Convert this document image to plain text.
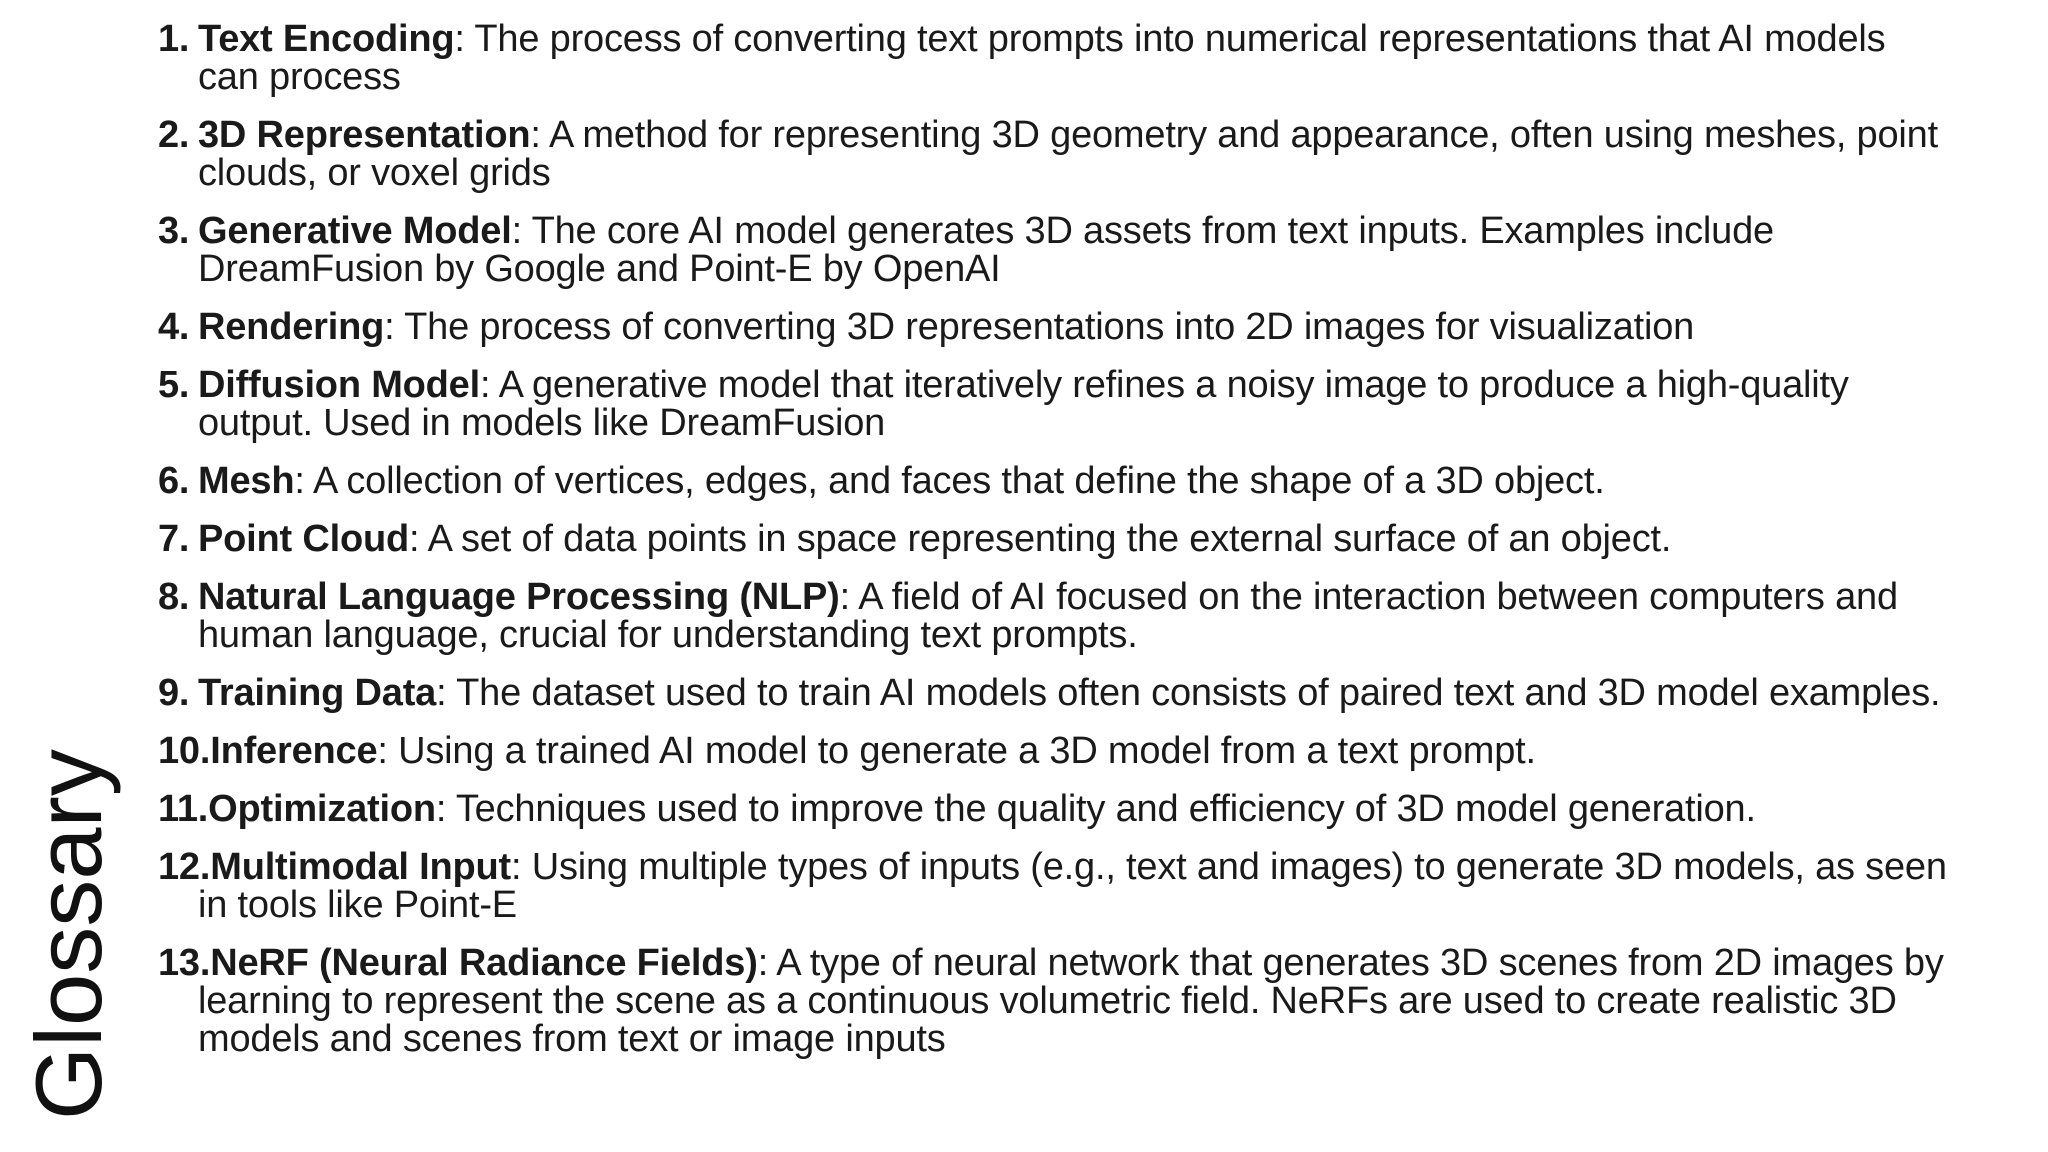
Glossary
1. Text Encoding: The process of converting text prompts into numerical representations that AI models can process
2. 3D Representation: A method for representing 3D geometry and appearance, often using meshes, point clouds, or voxel grids
3. Generative Model: The core AI model generates 3D assets from text inputs. Examples include DreamFusion by Google and Point-E by OpenAI
4. Rendering: The process of converting 3D representations into 2D images for visualization
5. Diffusion Model: A generative model that iteratively refines a noisy image to produce a high-quality output. Used in models like DreamFusion
6. Mesh: A collection of vertices, edges, and faces that define the shape of a 3D object.
7. Point Cloud: A set of data points in space representing the external surface of an object.
8. Natural Language Processing (NLP): A field of AI focused on the interaction between computers and human language, crucial for understanding text prompts.
9. Training Data: The dataset used to train AI models often consists of paired text and 3D model examples.
10.Inference: Using a trained AI model to generate a 3D model from a text prompt.
11.Optimization: Techniques used to improve the quality and efficiency of 3D model generation.
12.Multimodal Input: Using multiple types of inputs (e.g., text and images) to generate 3D models, as seen in tools like Point-E
13.NeRF (Neural Radiance Fields): A type of neural network that generates 3D scenes from 2D images by learning to represent the scene as a continuous volumetric field. NeRFs are used to create realistic 3D models and scenes from text or image inputs
